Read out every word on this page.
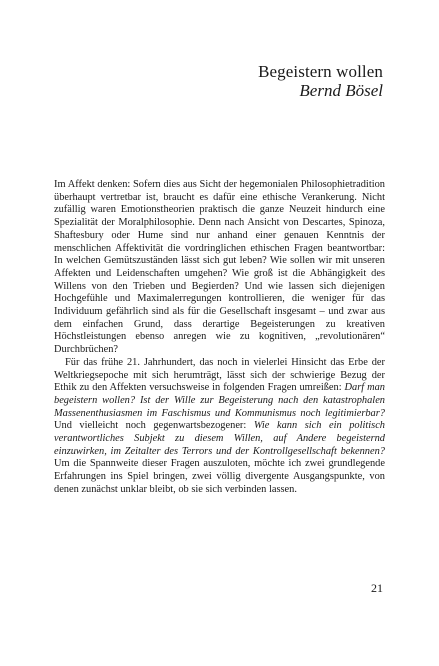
Begeistern wollen
Bernd Bösel

Im Affekt denken: Sofern dies aus Sicht der hegemonialen Philosophietradition überhaupt vertretbar ist, braucht es dafür eine ethische Verankerung. Nicht zufällig waren Emotionstheorien praktisch die ganze Neuzeit hindurch eine Spezialität der Moralphilosophie. Denn nach Ansicht von Descartes, Spinoza, Shaftesbury oder Hume sind nur anhand einer genauen Kenntnis der menschlichen Affektivität die vordringlichen ethischen Fragen beantwortbar: In welchen Gemütszuständen lässt sich gut leben? Wie sollen wir mit unseren Affekten und Leidenschaften umgehen? Wie groß ist die Abhängigkeit des Willens von den Trieben und Begierden? Und wie lassen sich diejenigen Hochgefühle und Maximalerregungen kontrollieren, die weniger für das Individuum gefährlich sind als für die Gesellschaft insgesamt – und zwar aus dem einfachen Grund, dass derartige Begeisterungen zu kreativen Höchstleistungen ebenso anregen wie zu kognitiven, „revolutionären“ Durchbrüchen?

Für das frühe 21. Jahrhundert, das noch in vielerlei Hinsicht das Erbe der Weltkriegsepoche mit sich herumträgt, lässt sich der schwierige Bezug der Ethik zu den Affekten versuchsweise in folgenden Fragen umreißen: Darf man begeistern wollen? Ist der Wille zur Begeisterung nach den katastrophalen Massenenthusiasmen im Faschismus und Kommunismus noch legitimierbar? Und vielleicht noch gegenwartsbezogener: Wie kann sich ein politisch verantwortliches Subjekt zu diesem Willen, auf Andere begeisternd einzuwirken, im Zeitalter des Terrors und der Kontrollgesellschaft bekennen? Um die Spannweite dieser Fragen auszuloten, möchte ich zwei grundlegende Erfahrungen ins Spiel bringen, zwei völlig divergente Ausgangspunkte, von denen zunächst unklar bleibt, ob sie sich verbinden lassen.

21
